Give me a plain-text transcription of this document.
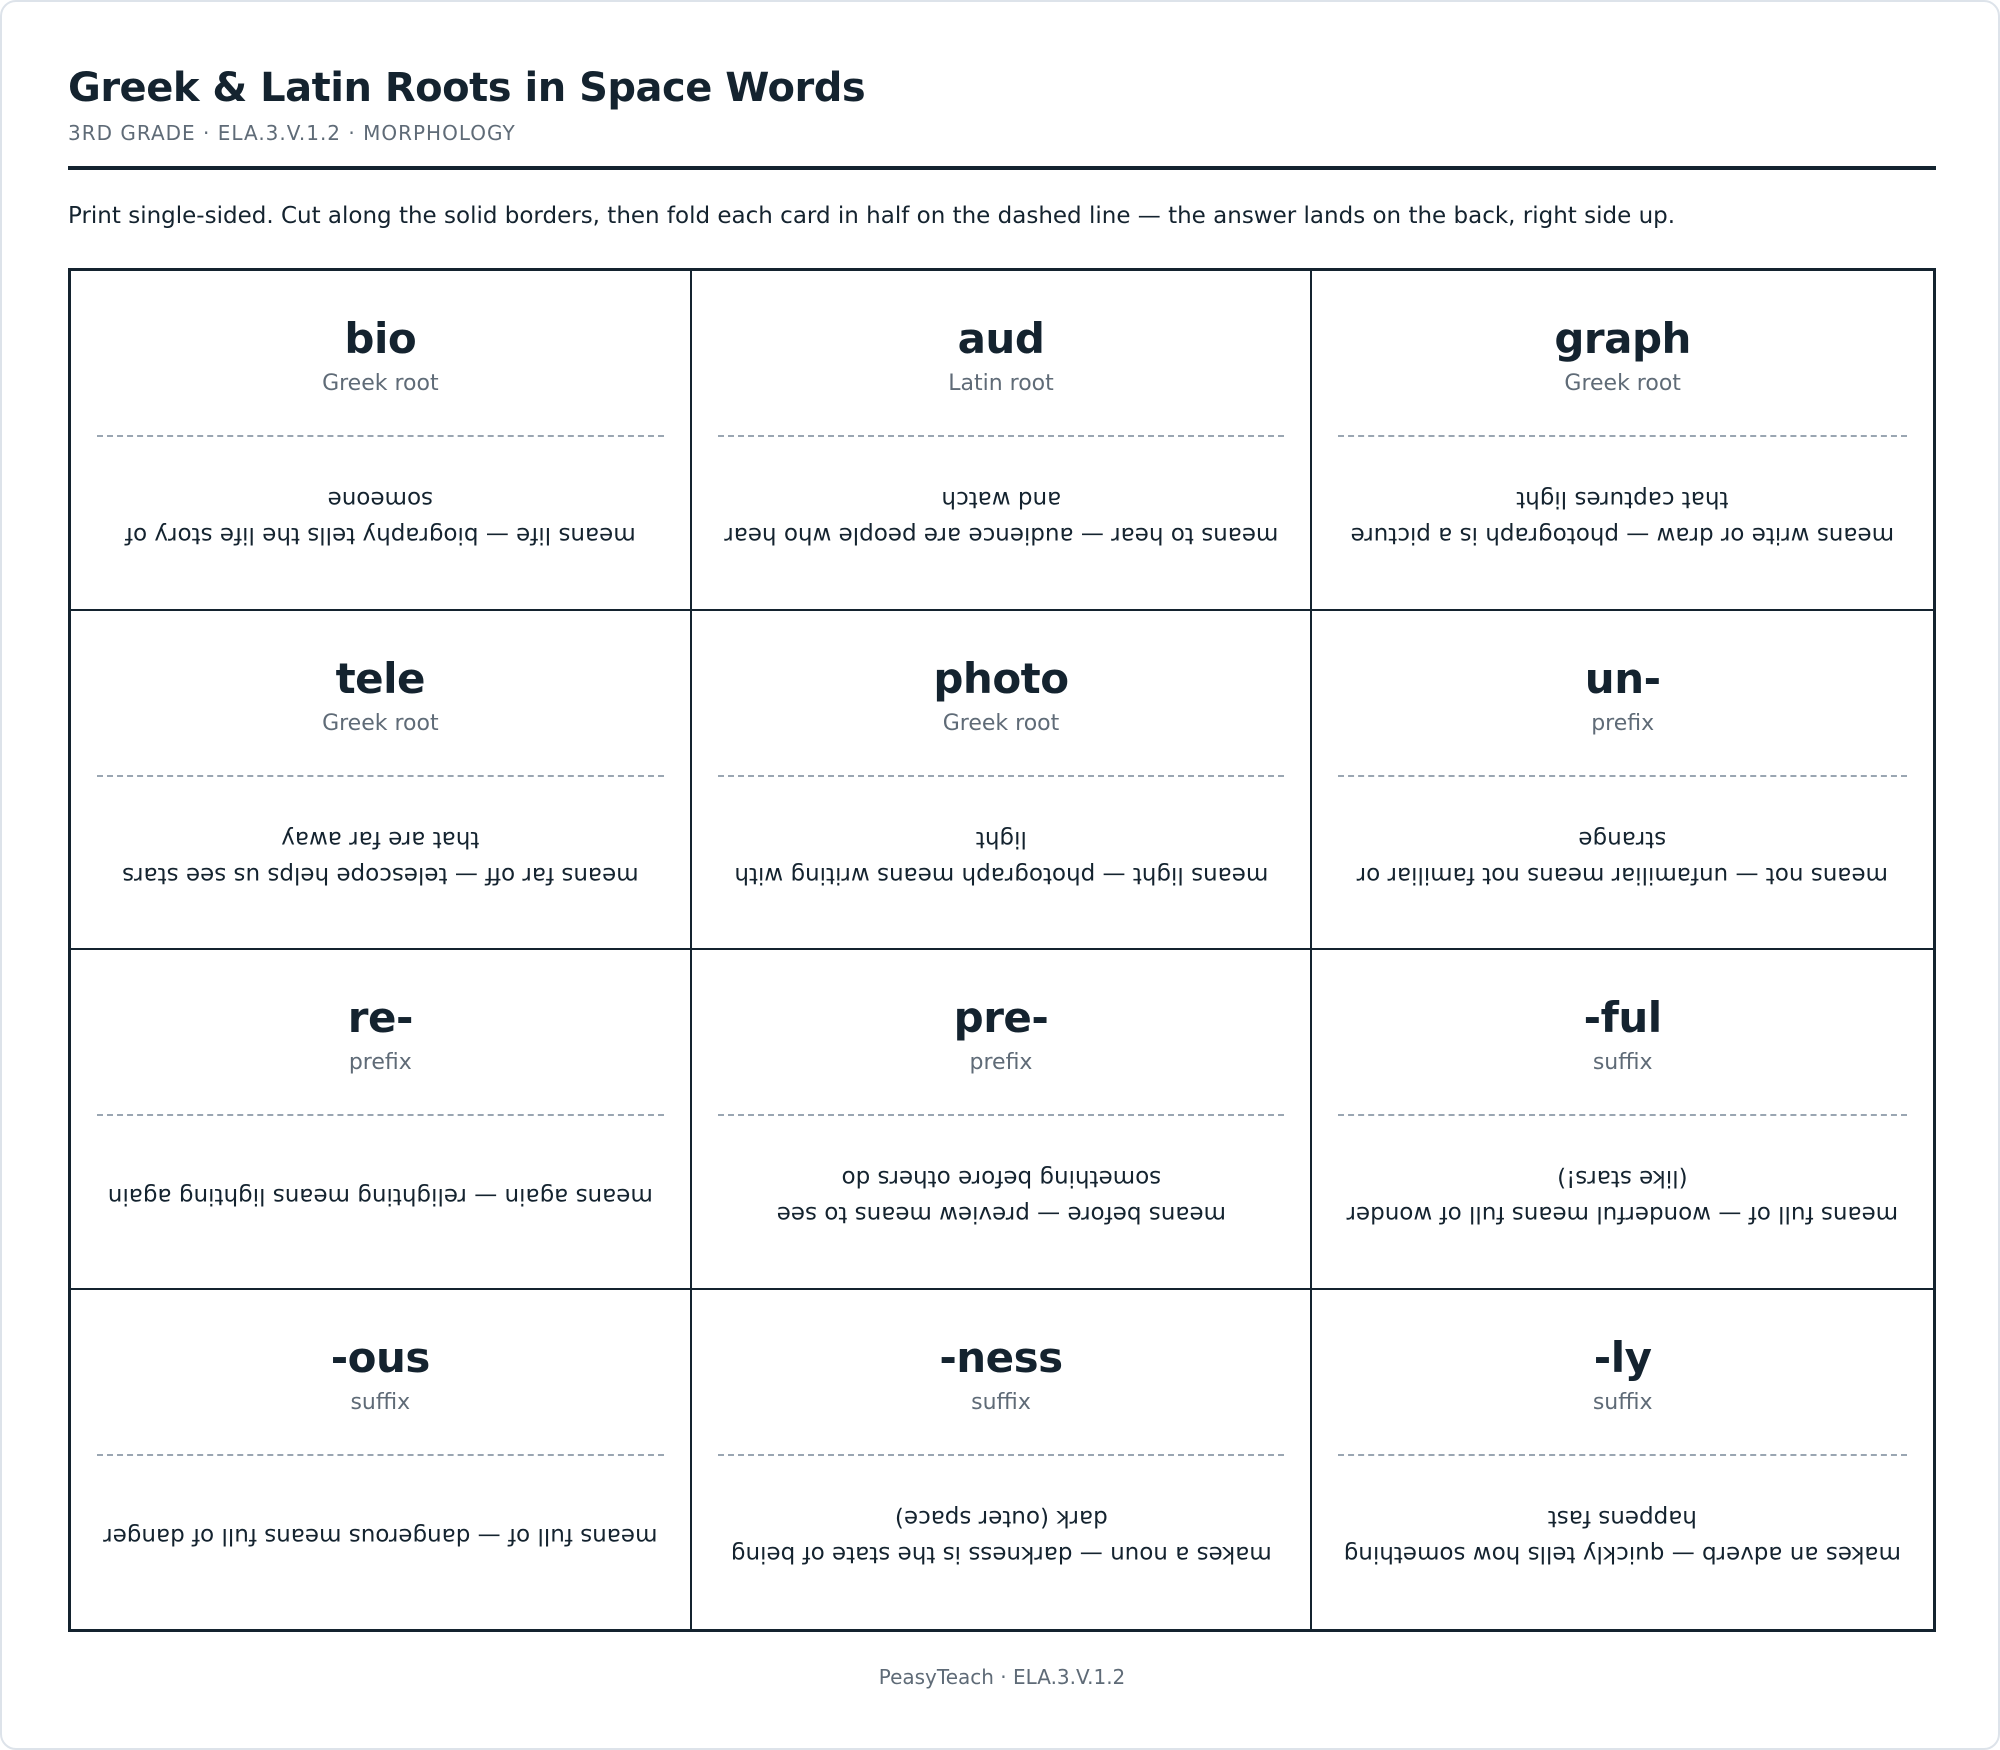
Greek & Latin Roots in Space Words
3RD GRADE · ELA.3.V.1.2 · MORPHOLOGY
Print single-sided. Cut along the solid borders, then fold each card in half on the dashed line — the answer lands on the back, right side up.
bio
Greek root
means life — biography tells the life story of someone
aud
Latin root
means to hear — audience are people who hear and watch
graph
Greek root
means write or draw — photograph is a picture that captures light
tele
Greek root
means far off — telescope helps us see stars that are far away
photo
Greek root
means light — photograph means writing with light
un-
prefix
means not — unfamiliar means not familiar or strange
re-
prefix
means again — relighting means lighting again
pre-
prefix
means before — preview means to see something before others do
-ful
suffix
means full of — wonderful means full of wonder (like stars!)
-ous
suffix
means full of — dangerous means full of danger
-ness
suffix
makes a noun — darkness is the state of being dark (outer space)
-ly
suffix
makes an adverb — quickly tells how something happens fast
PeasyTeach · ELA.3.V.1.2
